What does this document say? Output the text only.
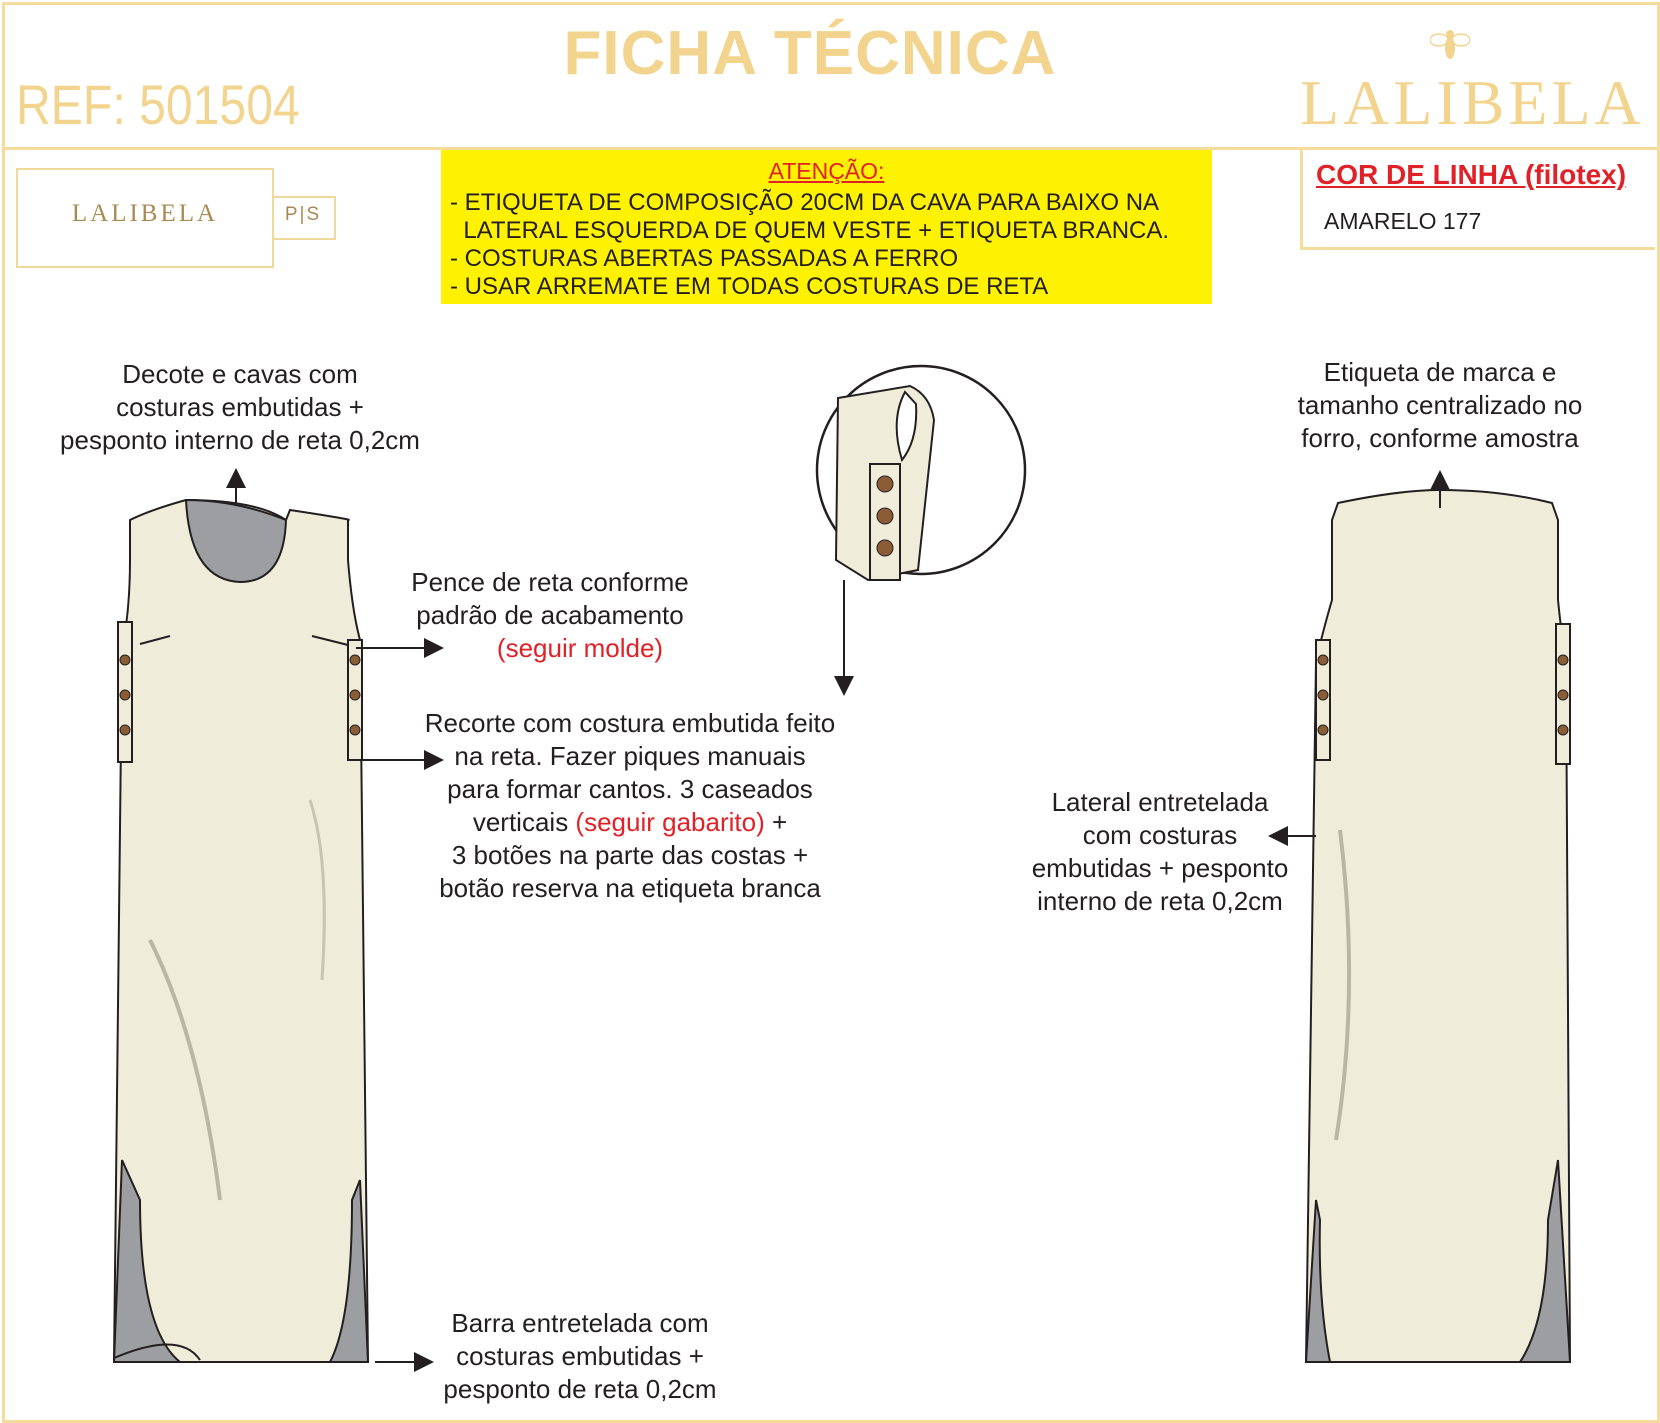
FICHA TÉCNICA
REF: 501504	LALIBELA
LALIBELA	P|S
ATENÇÃO:
- ETIQUETA DE COMPOSIÇÃO 20CM DA CAVA PARA BAIXO NA
LATERAL ESQUERDA DE QUEM VESTE + ETIQUETA BRANCA.
- COSTURAS ABERTAS PASSADAS A FERRO
- USAR ARREMATE EM TODAS COSTURAS DE RETA
COR DE LINHA (filotex)
AMARELO 177
Decote e cavas com
costuras embutidas +
pesponto interno de reta 0,2cm
Pence de reta conforme
padrão de acabamento
(seguir molde)
Recorte com costura embutida feito
na reta. Fazer piques manuais
para formar cantos. 3 caseados
verticais (seguir gabarito) +
3 botões na parte das costas +
botão reserva na etiqueta branca
Barra entretelada com
costuras embutidas +
pesponto de reta 0,2cm
Etiqueta de marca e
tamanho centralizado no
forro, conforme amostra
Lateral entretelada
com costuras
embutidas + pesponto
interno de reta 0,2cm
